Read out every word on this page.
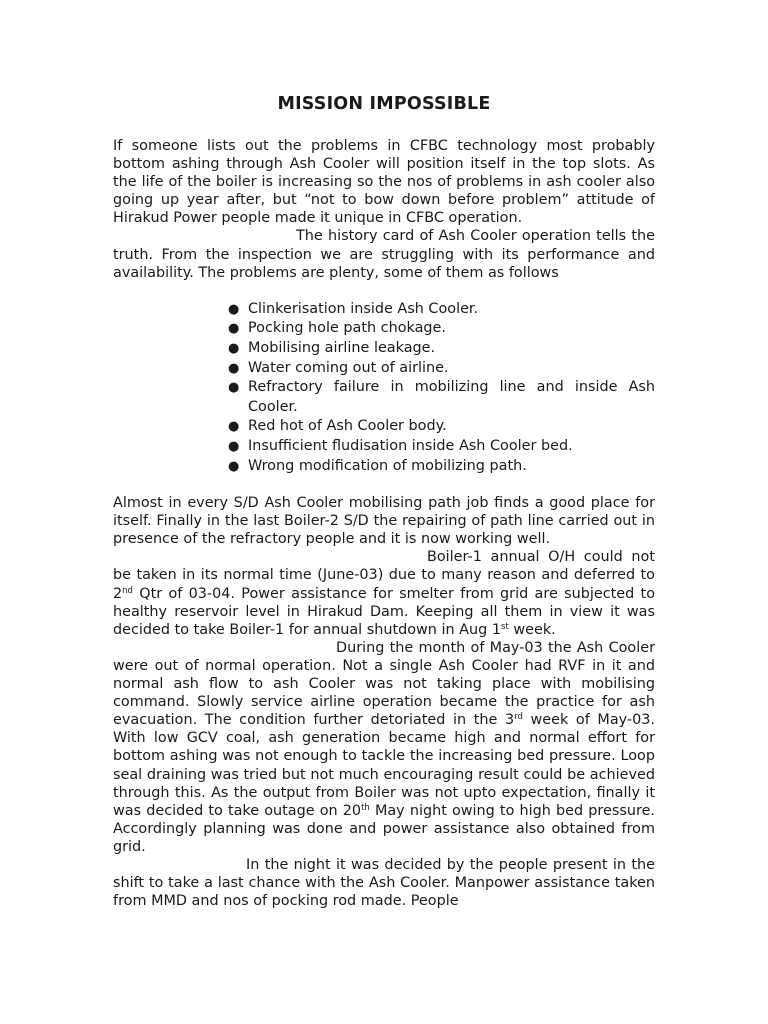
MISSION IMPOSSIBLE

If someone lists out the problems in CFBC technology most probably bottom ashing through Ash Cooler will position itself in the top slots. As the life of the boiler is increasing so the nos of problems in ash cooler also going up year after, but “not to bow down before problem” attitude of Hirakud Power people made it unique in CFBC operation.
The history card of Ash Cooler operation tells the truth. From the inspection we are struggling with its performance and availability. The problems are plenty, some of them as follows

● Clinkerisation inside Ash Cooler.
● Pocking hole path chokage.
● Mobilising airline leakage.
● Water coming out of airline.
● Refractory failure in mobilizing line and inside Ash Cooler.
● Red hot of Ash Cooler body.
● Insufficient fludisation inside Ash Cooler bed.
● Wrong modification of mobilizing path.

Almost in every S/D Ash Cooler mobilising path job finds a good place for itself. Finally in the last Boiler-2 S/D the repairing of path line carried out in presence of the refractory people and it is now working well.
Boiler-1 annual O/H could not be taken in its normal time (June-03) due to many reason and deferred to 2nd Qtr of 03-04. Power assistance for smelter from grid are subjected to healthy reservoir level in Hirakud Dam. Keeping all them in view it was decided to take Boiler-1 for annual shutdown in Aug 1st week.
During the month of May-03 the Ash Cooler were out of normal operation. Not a single Ash Cooler had RVF in it and normal ash flow to ash Cooler was not taking place with mobilising command. Slowly service airline operation became the practice for ash evacuation. The condition further detoriated in the 3rd week of May-03. With low GCV coal, ash generation became high and normal effort for bottom ashing was not enough to tackle the increasing bed pressure. Loop seal draining was tried but not much encouraging result could be achieved through this. As the output from Boiler was not upto expectation, finally it was decided to take outage on 20th May night owing to high bed pressure. Accordingly planning was done and power assistance also obtained from grid.
In the night it was decided by the people present in the shift to take a last chance with the Ash Cooler. Manpower assistance taken from MMD and nos of pocking rod made. People
